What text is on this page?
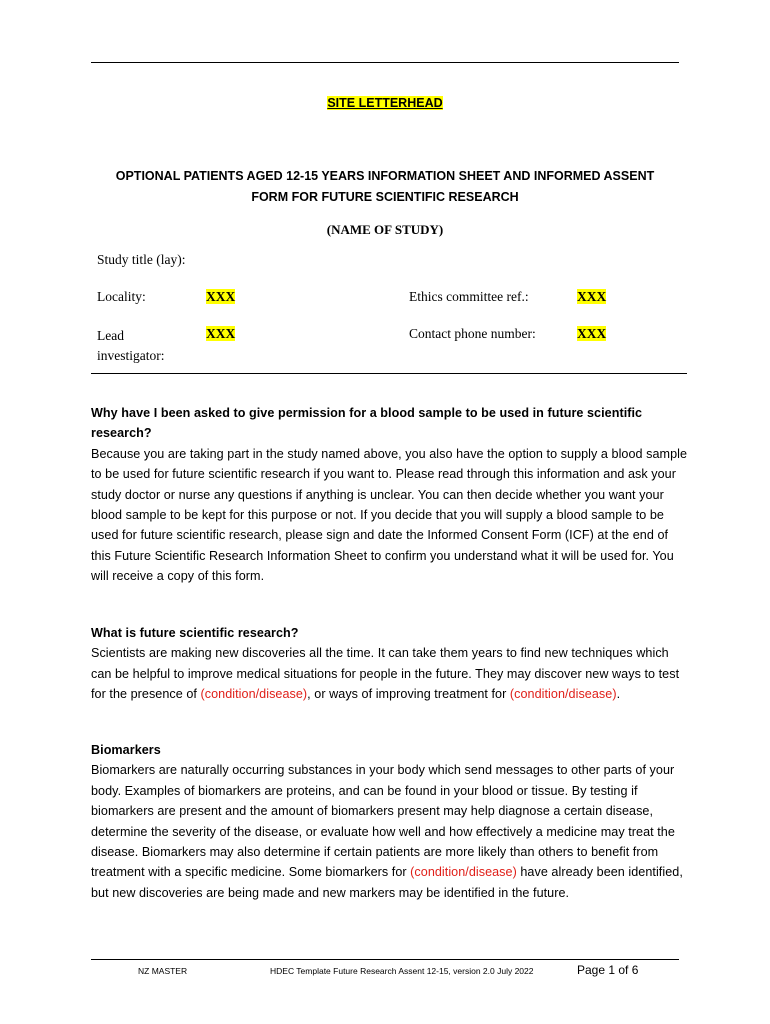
SITE LETTERHEAD
OPTIONAL PATIENTS AGED 12-15 YEARS INFORMATION SHEET AND INFORMED ASSENT
FORM FOR FUTURE SCIENTIFIC RESEARCH
(NAME OF STUDY)
Study title (lay):
Locality:	XXX	Ethics committee ref.:	XXX
Lead
investigator:
XXX	Contact phone number:	XXX
Why have I been asked to give permission for a blood sample to be used in future scientific research?
Because you are taking part in the study named above, you also have the option to supply a blood sample to be used for future scientific research if you want to. Please read through this information and ask your study doctor or nurse any questions if anything is unclear. You can then decide whether you want your blood sample to be kept for this purpose or not. If you decide that you will supply a blood sample to be used for future scientific research, please sign and date the Informed Consent Form (ICF) at the end of this Future Scientific Research Information Sheet to confirm you understand what it will be used for. You will receive a copy of this form.
What is future scientific research?
Scientists are making new discoveries all the time. It can take them years to find new techniques which can be helpful to improve medical situations for people in the future. They may discover new ways to test for the presence of (condition/disease), or ways of improving treatment for (condition/disease).
Biomarkers
Biomarkers are naturally occurring substances in your body which send messages to other parts of your body. Examples of biomarkers are proteins, and can be found in your blood or tissue. By testing if biomarkers are present and the amount of biomarkers present may help diagnose a certain disease, determine the severity of the disease, or evaluate how well and how effectively a medicine may treat the disease. Biomarkers may also determine if certain patients are more likely than others to benefit from treatment with a specific medicine. Some biomarkers for (condition/disease) have already been identified, but new discoveries are being made and new markers may be identified in the future.
NZ MASTER	HDEC Template Future Research Assent 12-15, version 2.0 July 2022	Page 1 of 6
